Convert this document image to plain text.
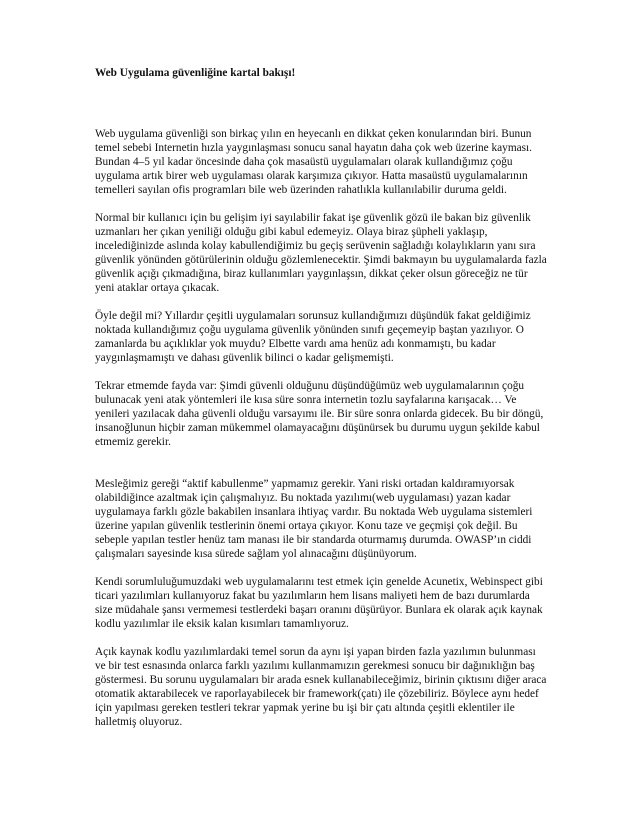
Web Uygulama güvenliğine kartal bakışı!

Web uygulama güvenliği son birkaç yılın en heyecanlı en dikkat çeken konularından biri. Bunun temel sebebi Internetin hızla yaygınlaşması sonucu sanal hayatın daha çok web üzerine kayması. Bundan 4–5 yıl kadar öncesinde daha çok masaüstü uygulamaları olarak kullandığımız çoğu uygulama artık birer web uygulaması olarak karşımıza çıkıyor. Hatta masaüstü uygulamalarının temelleri sayılan ofis programları bile web üzerinden rahatlıkla kullanılabilir duruma geldi.

Normal bir kullanıcı için bu gelişim iyi sayılabilir fakat işe güvenlik gözü ile bakan biz güvenlik uzmanları her çıkan yeniliği olduğu gibi kabul edemeyiz. Olaya biraz şüpheli yaklaşıp, incelediğinizde aslında kolay kabullendiğimiz bu geçiş serüvenin sağladığı kolaylıkların yanı sıra güvenlik yönünden götürülerinin olduğu gözlemlenecektir. Şimdi bakmayın bu uygulamalarda fazla güvenlik açığı çıkmadığına, biraz kullanımları yaygınlaşsın, dikkat çeker olsun göreceğiz ne tür yeni ataklar ortaya çıkacak.

Öyle değil mi? Yıllardır çeşitli uygulamaları sorunsuz kullandığımızı düşündük fakat geldiğimiz noktada kullandığımız çoğu uygulama güvenlik yönünden sınıfı geçemeyip baştan yazılıyor. O zamanlarda bu açıklıklar yok muydu? Elbette vardı ama henüz adı konmamıştı, bu kadar yaygınlaşmamıştı ve dahası güvenlik bilinci o kadar gelişmemişti.

Tekrar etmemde fayda var: Şimdi güvenli olduğunu düşündüğümüz web uygulamalarının çoğu bulunacak yeni atak yöntemleri ile kısa süre sonra internetin tozlu sayfalarına karışacak… Ve yenileri yazılacak daha güvenli olduğu varsayımı ile. Bir süre sonra onlarda gidecek. Bu bir döngü, insanoğlunun hiçbir zaman mükemmel olamayacağını düşünürsek bu durumu uygun şekilde kabul etmemiz gerekir.

Mesleğimiz gereği “aktif kabullenme” yapmamız gerekir. Yani riski ortadan kaldıramıyorsak olabildiğince azaltmak için çalışmalıyız. Bu noktada yazılımı(web uygulaması) yazan kadar uygulamaya farklı gözle bakabilen insanlara ihtiyaç vardır. Bu noktada Web uygulama sistemleri üzerine yapılan güvenlik testlerinin önemi ortaya çıkıyor. Konu taze ve geçmişi çok değil. Bu sebeple yapılan testler henüz tam manası ile bir standarda oturmamış durumda. OWASP’ın ciddi çalışmaları sayesinde kısa sürede sağlam yol alınacağını düşünüyorum.

Kendi sorumluluğumuzdaki web uygulamalarını test etmek için genelde Acunetix, Webinspect gibi ticari yazılımları kullanıyoruz fakat bu yazılımların hem lisans maliyeti hem de bazı durumlarda size müdahale şansı vermemesi testlerdeki başarı oranını düşürüyor. Bunlara ek olarak açık kaynak kodlu yazılımlar ile eksik kalan kısımları tamamlıyoruz.

Açık kaynak kodlu yazılımlardaki temel sorun da aynı işi yapan birden fazla yazılımın bulunması ve bir test esnasında onlarca farklı yazılımı kullanmamızın gerekmesi sonucu bir dağınıklığın baş göstermesi. Bu sorunu uygulamaları bir arada esnek kullanabileceğimiz, birinin çıktısını diğer araca otomatik aktarabilecek ve raporlayabilecek bir framework(çatı) ile çözebiliriz. Böylece aynı hedef için yapılması gereken testleri tekrar yapmak yerine bu işi bir çatı altında çeşitli eklentiler ile halletmiş oluyoruz.
